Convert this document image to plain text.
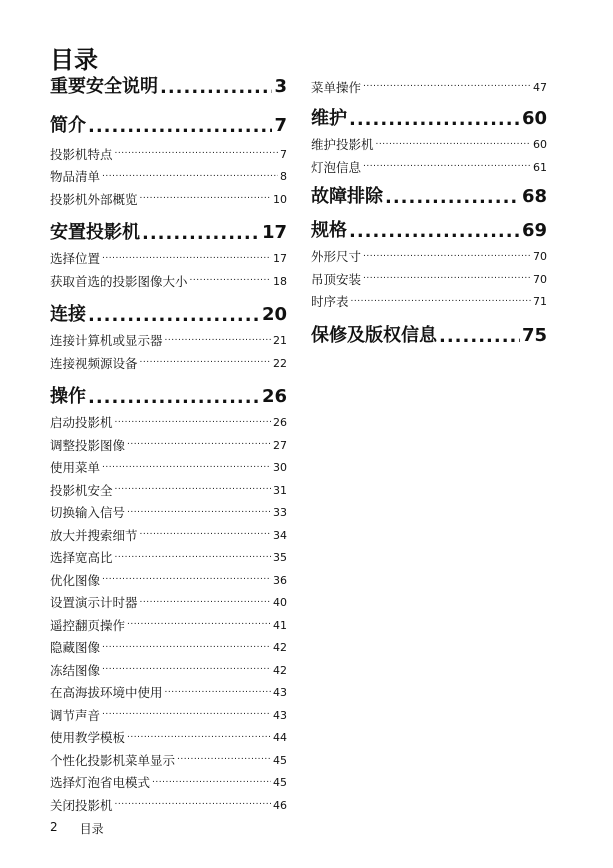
目录
重要安全说明 .....	3
简介 .....	7
投影机特点 .....	7
物品清单 .....	8
投影机外部概览 .....	10
安置投影机 .....	17
选择位置 .....	17
获取首选的投影图像大小 .....	18
连接 .....	20
连接计算机或显示器 .....	21
连接视频源设备 .....	22
操作 .....	26
启动投影机 .....	26
调整投影图像 .....	27
使用菜单 .....	30
投影机安全 .....	31
切换输入信号 .....	33
放大并搜索细节 .....	34
选择宽高比 .....	35
优化图像 .....	36
设置演示计时器 .....	40
遥控翻页操作 .....	41
隐藏图像 .....	42
冻结图像 .....	42
在高海拔环境中使用 .....	43
调节声音 .....	43
使用教学模板 .....	44
个性化投影机菜单显示 .....	45
选择灯泡省电模式 .....	45
关闭投影机 .....	46
菜单操作 .....	47
维护 .....	60
维护投影机 .....	60
灯泡信息 .....	61
故障排除 .....	68
规格 .....	69
外形尺寸 .....	70
吊顶安装 .....	70
时序表 .....	71
保修及版权信息 .....	75
2 目录
